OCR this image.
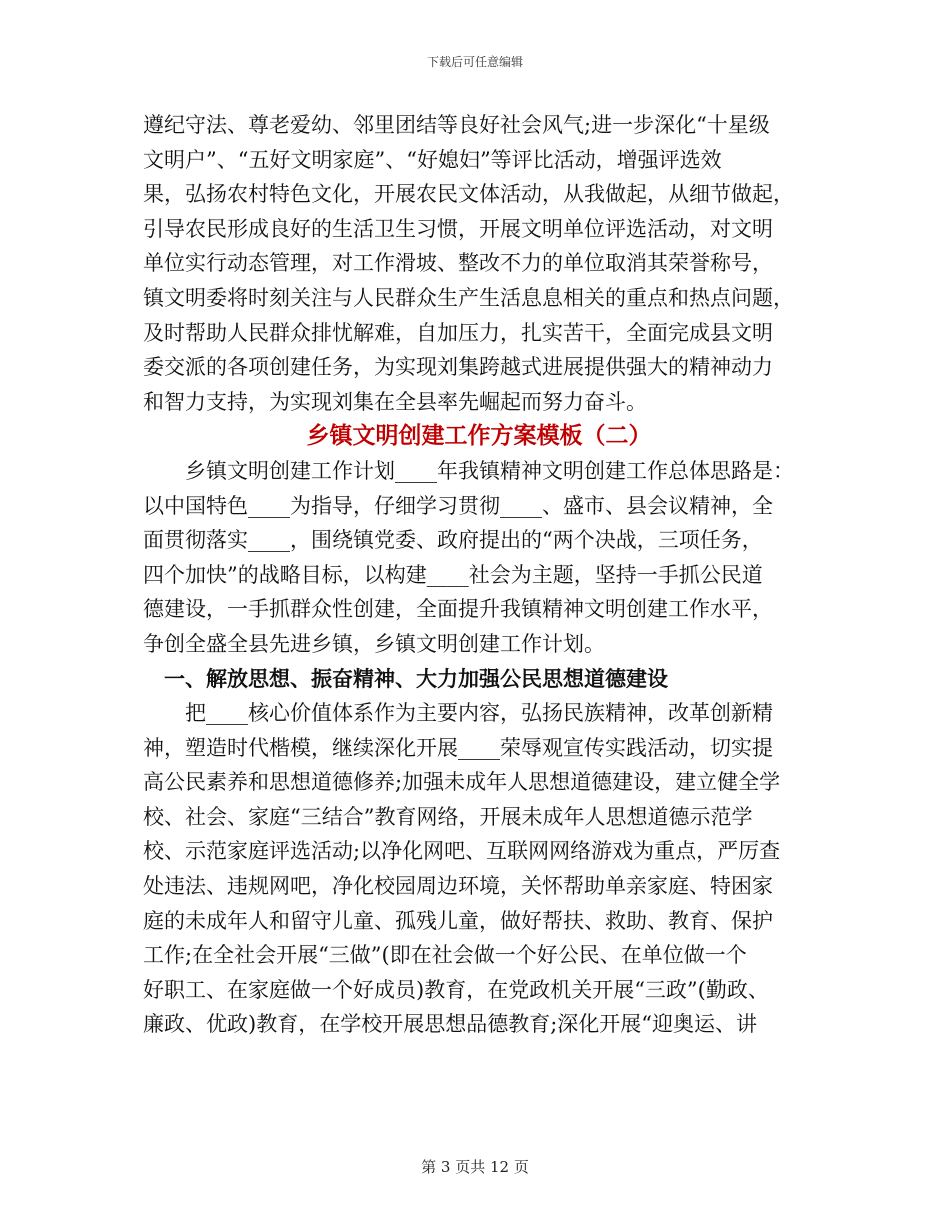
下载后可任意编辑

遵纪守法、尊老爱幼、邻里团结等良好社会风气;进一步深化“十星级
文明户”、“五好文明家庭”、“好媳妇”等评比活动，增强评选效
果，弘扬农村特色文化，开展农民文体活动，从我做起，从细节做起，
引导农民形成良好的生活卫生习惯，开展文明单位评选活动，对文明
单位实行动态管理，对工作滑坡、整改不力的单位取消其荣誉称号，
镇文明委将时刻关注与人民群众生产生活息息相关的重点和热点问题，
及时帮助人民群众排忧解难，自加压力，扎实苦干，全面完成县文明
委交派的各项创建任务，为实现刘集跨越式进展提供强大的精神动力
和智力支持，为实现刘集在全县率先崛起而努力奋斗。

乡镇文明创建工作方案模板（二）

乡镇文明创建工作计划____年我镇精神文明创建工作总体思路是：
以中国特色____为指导，仔细学习贯彻____、盛市、县会议精神，全
面贯彻落实____，围绕镇党委、政府提出的“两个决战，三项任务，
四个加快”的战略目标，以构建____社会为主题，坚持一手抓公民道
德建设，一手抓群众性创建，全面提升我镇精神文明创建工作水平，
争创全盛全县先进乡镇，乡镇文明创建工作计划。

一、解放思想、振奋精神、大力加强公民思想道德建设

把____核心价值体系作为主要内容，弘扬民族精神，改革创新精
神，塑造时代楷模，继续深化开展____荣辱观宣传实践活动，切实提
高公民素养和思想道德修养;加强未成年人思想道德建设，建立健全学
校、社会、家庭“三结合”教育网络，开展未成年人思想道德示范学
校、示范家庭评选活动;以净化网吧、互联网网络游戏为重点，严厉查
处违法、违规网吧，净化校园周边环境，关怀帮助单亲家庭、特困家
庭的未成年人和留守儿童、孤残儿童，做好帮扶、救助、教育、保护
工作;在全社会开展“三做”(即在社会做一个好公民、在单位做一个
好职工、在家庭做一个好成员)教育，在党政机关开展“三政”(勤政、
廉政、优政)教育，在学校开展思想品德教育;深化开展“迎奥运、讲

第 3 页共 12 页
